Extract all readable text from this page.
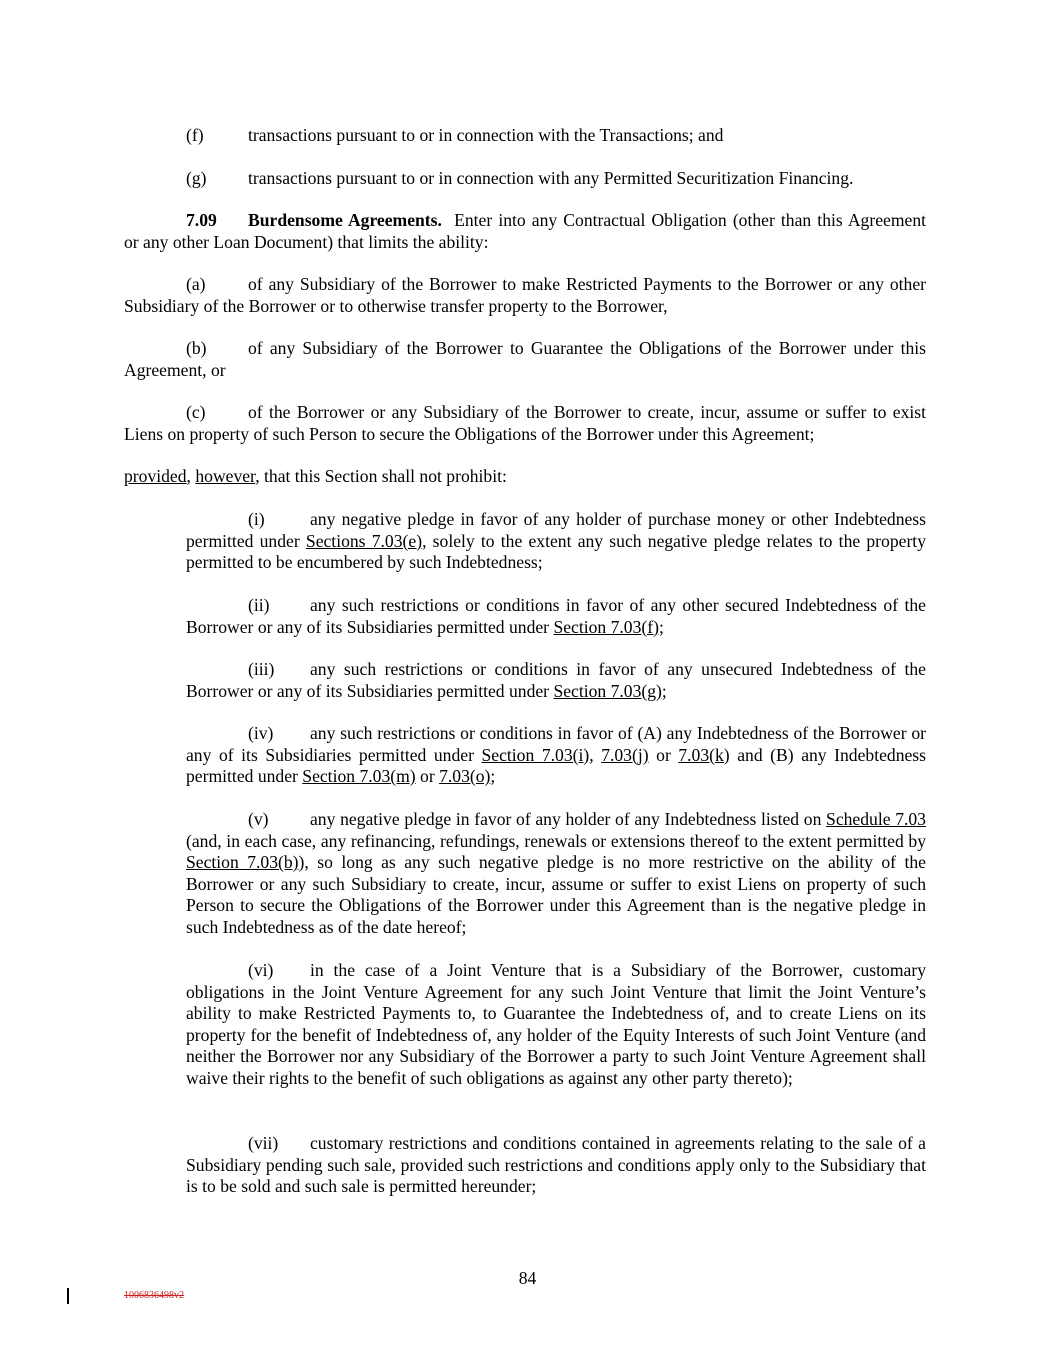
(f)	transactions pursuant to or in connection with the Transactions; and

(g) transactions pursuant to or in connection with any Permitted Securitization Financing.

7.09 Burdensome Agreements. Enter into any Contractual Obligation (other than this Agreement or any other Loan Document) that limits the ability:

(a) of any Subsidiary of the Borrower to make Restricted Payments to the Borrower or any other Subsidiary of the Borrower or to otherwise transfer property to the Borrower,

(b) of any Subsidiary of the Borrower to Guarantee the Obligations of the Borrower under this Agreement, or

(c) of the Borrower or any Subsidiary of the Borrower to create, incur, assume or suffer to exist Liens on property of such Person to secure the Obligations of the Borrower under this Agreement;

provided, however, that this Section shall not prohibit:

(i)	any negative pledge in favor of any holder of purchase money or other Indebtedness permitted under Sections 7.03(e), solely to the extent any such negative pledge relates to the property permitted to be encumbered by such Indebtedness;

(ii) any such restrictions or conditions in favor of any other secured Indebtedness of the Borrower or any of its Subsidiaries permitted under Section 7.03(f);

(iii) any such restrictions or conditions in favor of any unsecured Indebtedness of the Borrower or any of its Subsidiaries permitted under Section 7.03(g);

(iv) any such restrictions or conditions in favor of (A) any Indebtedness of the Borrower or any of its Subsidiaries permitted under Section 7.03(i), 7.03(j) or 7.03(k) and (B) any Indebtedness permitted under Section 7.03(m) or 7.03(o);

(v) any negative pledge in favor of any holder of any Indebtedness listed on Schedule 7.03 (and, in each case, any refinancing, refundings, renewals or extensions thereof to the extent permitted by Section 7.03(b)), so long as any such negative pledge is no more restrictive on the ability of the Borrower or any such Subsidiary to create, incur, assume or suffer to exist Liens on property of such Person to secure the Obligations of the Borrower under this Agreement than is the negative pledge in such Indebtedness as of the date hereof;

(vi) in the case of a Joint Venture that is a Subsidiary of the Borrower, customary obligations in the Joint Venture Agreement for any such Joint Venture that limit the Joint Venture’s ability to make Restricted Payments to, to Guarantee the Indebtedness of, and to create Liens on its property for the benefit of Indebtedness of, any holder of the Equity Interests of such Joint Venture (and neither the Borrower nor any Subsidiary of the Borrower a party to such Joint Venture Agreement shall waive their rights to the benefit of such obligations as against any other party thereto);

(vii) customary restrictions and conditions contained in agreements relating to the sale of a Subsidiary pending such sale, provided such restrictions and conditions apply only to the Subsidiary that is to be sold and such sale is permitted hereunder;

84
1006836498v2
